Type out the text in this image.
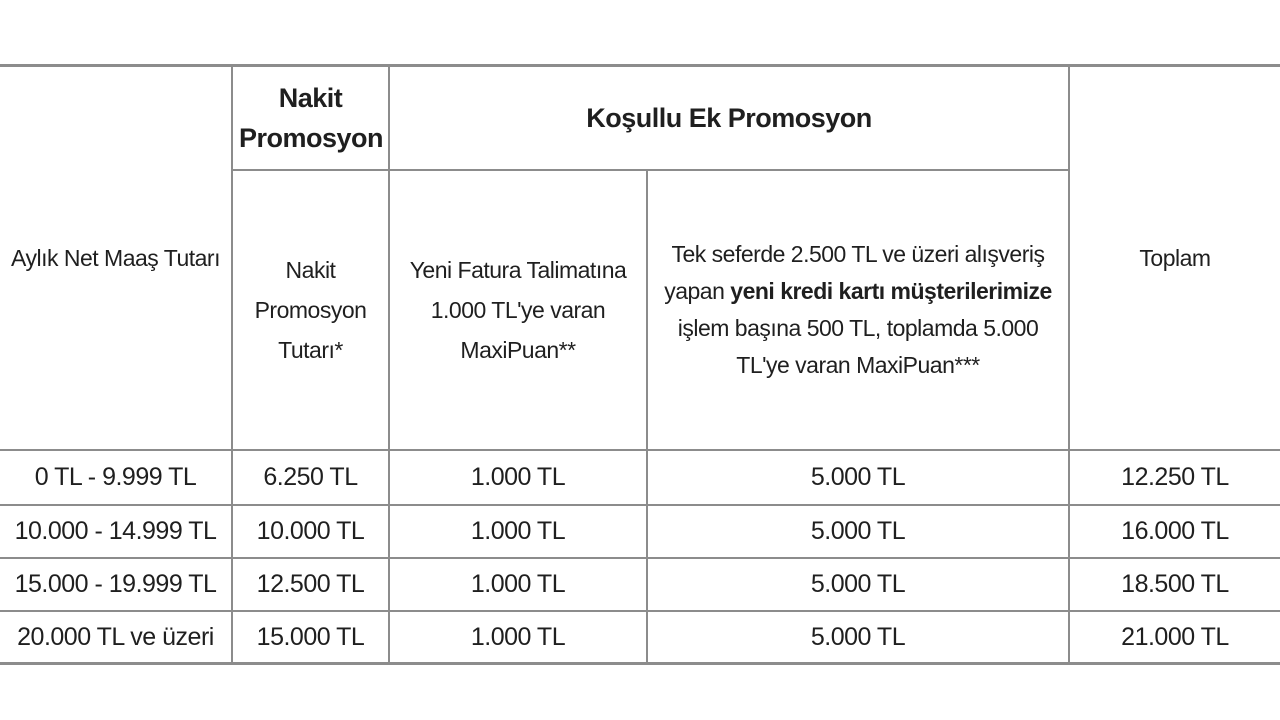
Aylık Net Maaş Tutarı	Nakit Promosyon	Koşullu Ek Promosyon		Toplam
	Nakit Promosyon Tutarı*	Yeni Fatura Talimatına 1.000 TL'ye varan MaxiPuan**	Tek seferde 2.500 TL ve üzeri alışveriş yapan yeni kredi kartı müşterilerimize işlem başına 500 TL, toplamda 5.000 TL'ye varan MaxiPuan***	
0 TL - 9.999 TL	6.250 TL	1.000 TL	5.000 TL	12.250 TL
10.000 - 14.999 TL	10.000 TL	1.000 TL	5.000 TL	16.000 TL
15.000 - 19.999 TL	12.500 TL	1.000 TL	5.000 TL	18.500 TL
20.000 TL ve üzeri	15.000 TL	1.000 TL	5.000 TL	21.000 TL
